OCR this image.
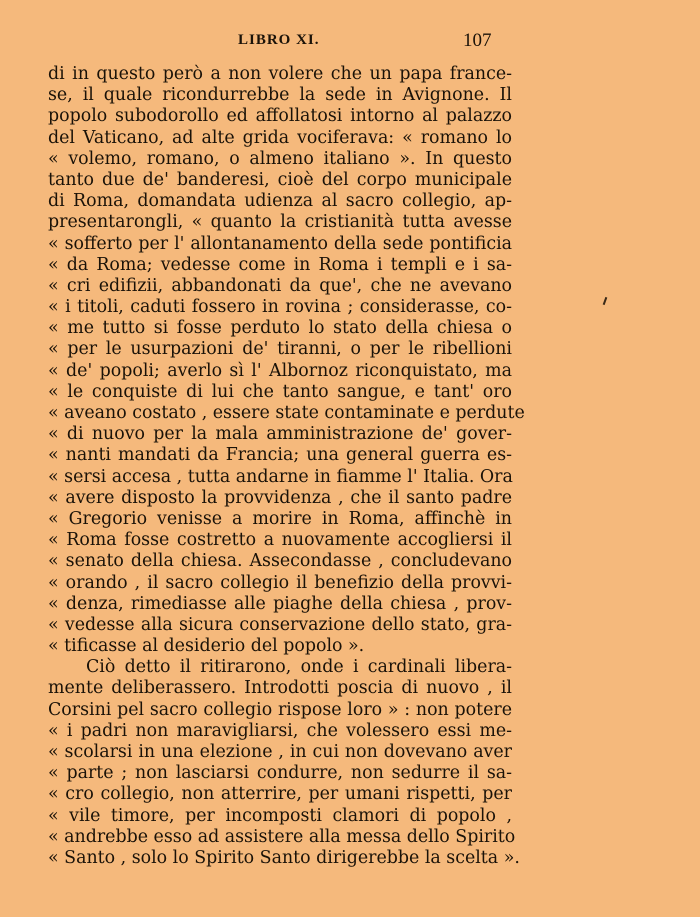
LIBRO XI.	107
di in questo però a non volere che un papa france-
se, il quale ricondurrebbe la sede in Avignone. Il
popolo subodorollo ed affollatosi intorno al palazzo
del Vaticano, ad alte grida vociferava: « romano lo
« volemo, romano, o almeno italiano ». In questo
tanto due de' banderesi, cioè del corpo municipale
di Roma, domandata udienza al sacro collegio, ap-
presentarongli, « quanto la cristianità tutta avesse
« sofferto per l' allontanamento della sede pontificia
« da Roma; vedesse come in Roma i templi e i sa-
« cri edifizii, abbandonati da que', che ne avevano
« i titoli, caduti fossero in rovina ; considerasse, co-
« me tutto si fosse perduto lo stato della chiesa o
« per le usurpazioni de' tiranni, o per le ribellioni
« de' popoli; averlo sì l' Albornoz riconquistato, ma
« le conquiste di lui che tanto sangue, e tant' oro
« aveano costato , essere state contaminate e perdute
« di nuovo per la mala amministrazione de' gover-
« nanti mandati da Francia; una general guerra es-
« sersi accesa , tutta andarne in fiamme l' Italia. Ora
« avere disposto la provvidenza , che il santo padre
« Gregorio venisse a morire in Roma, affinchè in
« Roma fosse costretto a nuovamente accogliersi il
« senato della chiesa. Assecondasse , concludevano
« orando , il sacro collegio il benefizio della provvi-
« denza, rimediasse alle piaghe della chiesa , prov-
« vedesse alla sicura conservazione dello stato, gra-
« tificasse al desiderio del popolo ».
Ciò detto il ritirarono, onde i cardinali libera-
mente deliberassero. Introdotti poscia di nuovo , il
Corsini pel sacro collegio rispose loro » : non potere
« i padri non maravigliarsi, che volessero essi me-
« scolarsi in una elezione , in cui non dovevano aver
« parte ; non lasciarsi condurre, non sedurre il sa-
« cro collegio, non atterrire, per umani rispetti, per
« vile timore, per incomposti clamori di popolo ,
« andrebbe esso ad assistere alla messa dello Spirito
« Santo , solo lo Spirito Santo dirigerebbe la scelta ».
